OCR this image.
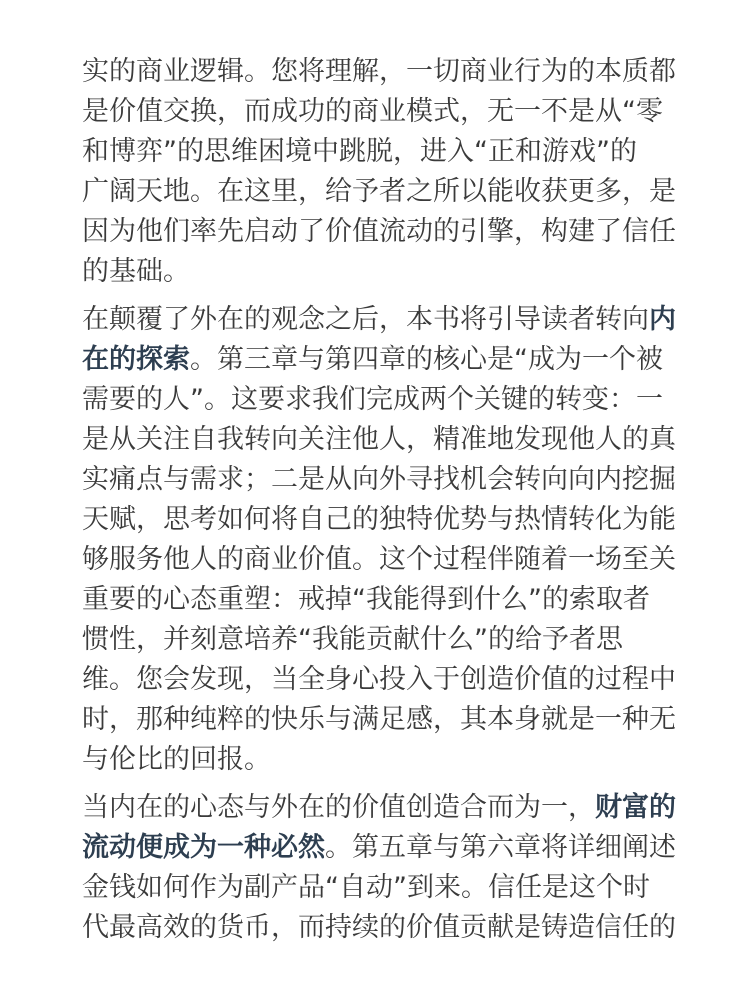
实的商业逻辑。您将理解，一切商业行为的本质都
是价值交换，而成功的商业模式，无一不是从“零
和博弈”的思维困境中跳脱，进入“正和游戏”的
广阔天地。在这里，给予者之所以能收获更多，是
因为他们率先启动了价值流动的引擎，构建了信任
的基础。
在颠覆了外在的观念之后，本书将引导读者转向内
在的探索。第三章与第四章的核心是“成为一个被
需要的人”。这要求我们完成两个关键的转变：一
是从关注自我转向关注他人，精准地发现他人的真
实痛点与需求；二是从向外寻找机会转向向内挖掘
天赋，思考如何将自己的独特优势与热情转化为能
够服务他人的商业价值。这个过程伴随着一场至关
重要的心态重塑：戒掉“我能得到什么”的索取者
惯性，并刻意培养“我能贡献什么”的给予者思
维。您会发现，当全身心投入于创造价值的过程中
时，那种纯粹的快乐与满足感，其本身就是一种无
与伦比的回报。
当内在的心态与外在的价值创造合而为一，财富的
流动便成为一种必然。第五章与第六章将详细阐述
金钱如何作为副产品“自动”到来。信任是这个时
代最高效的货币，而持续的价值贡献是铸造信任的
